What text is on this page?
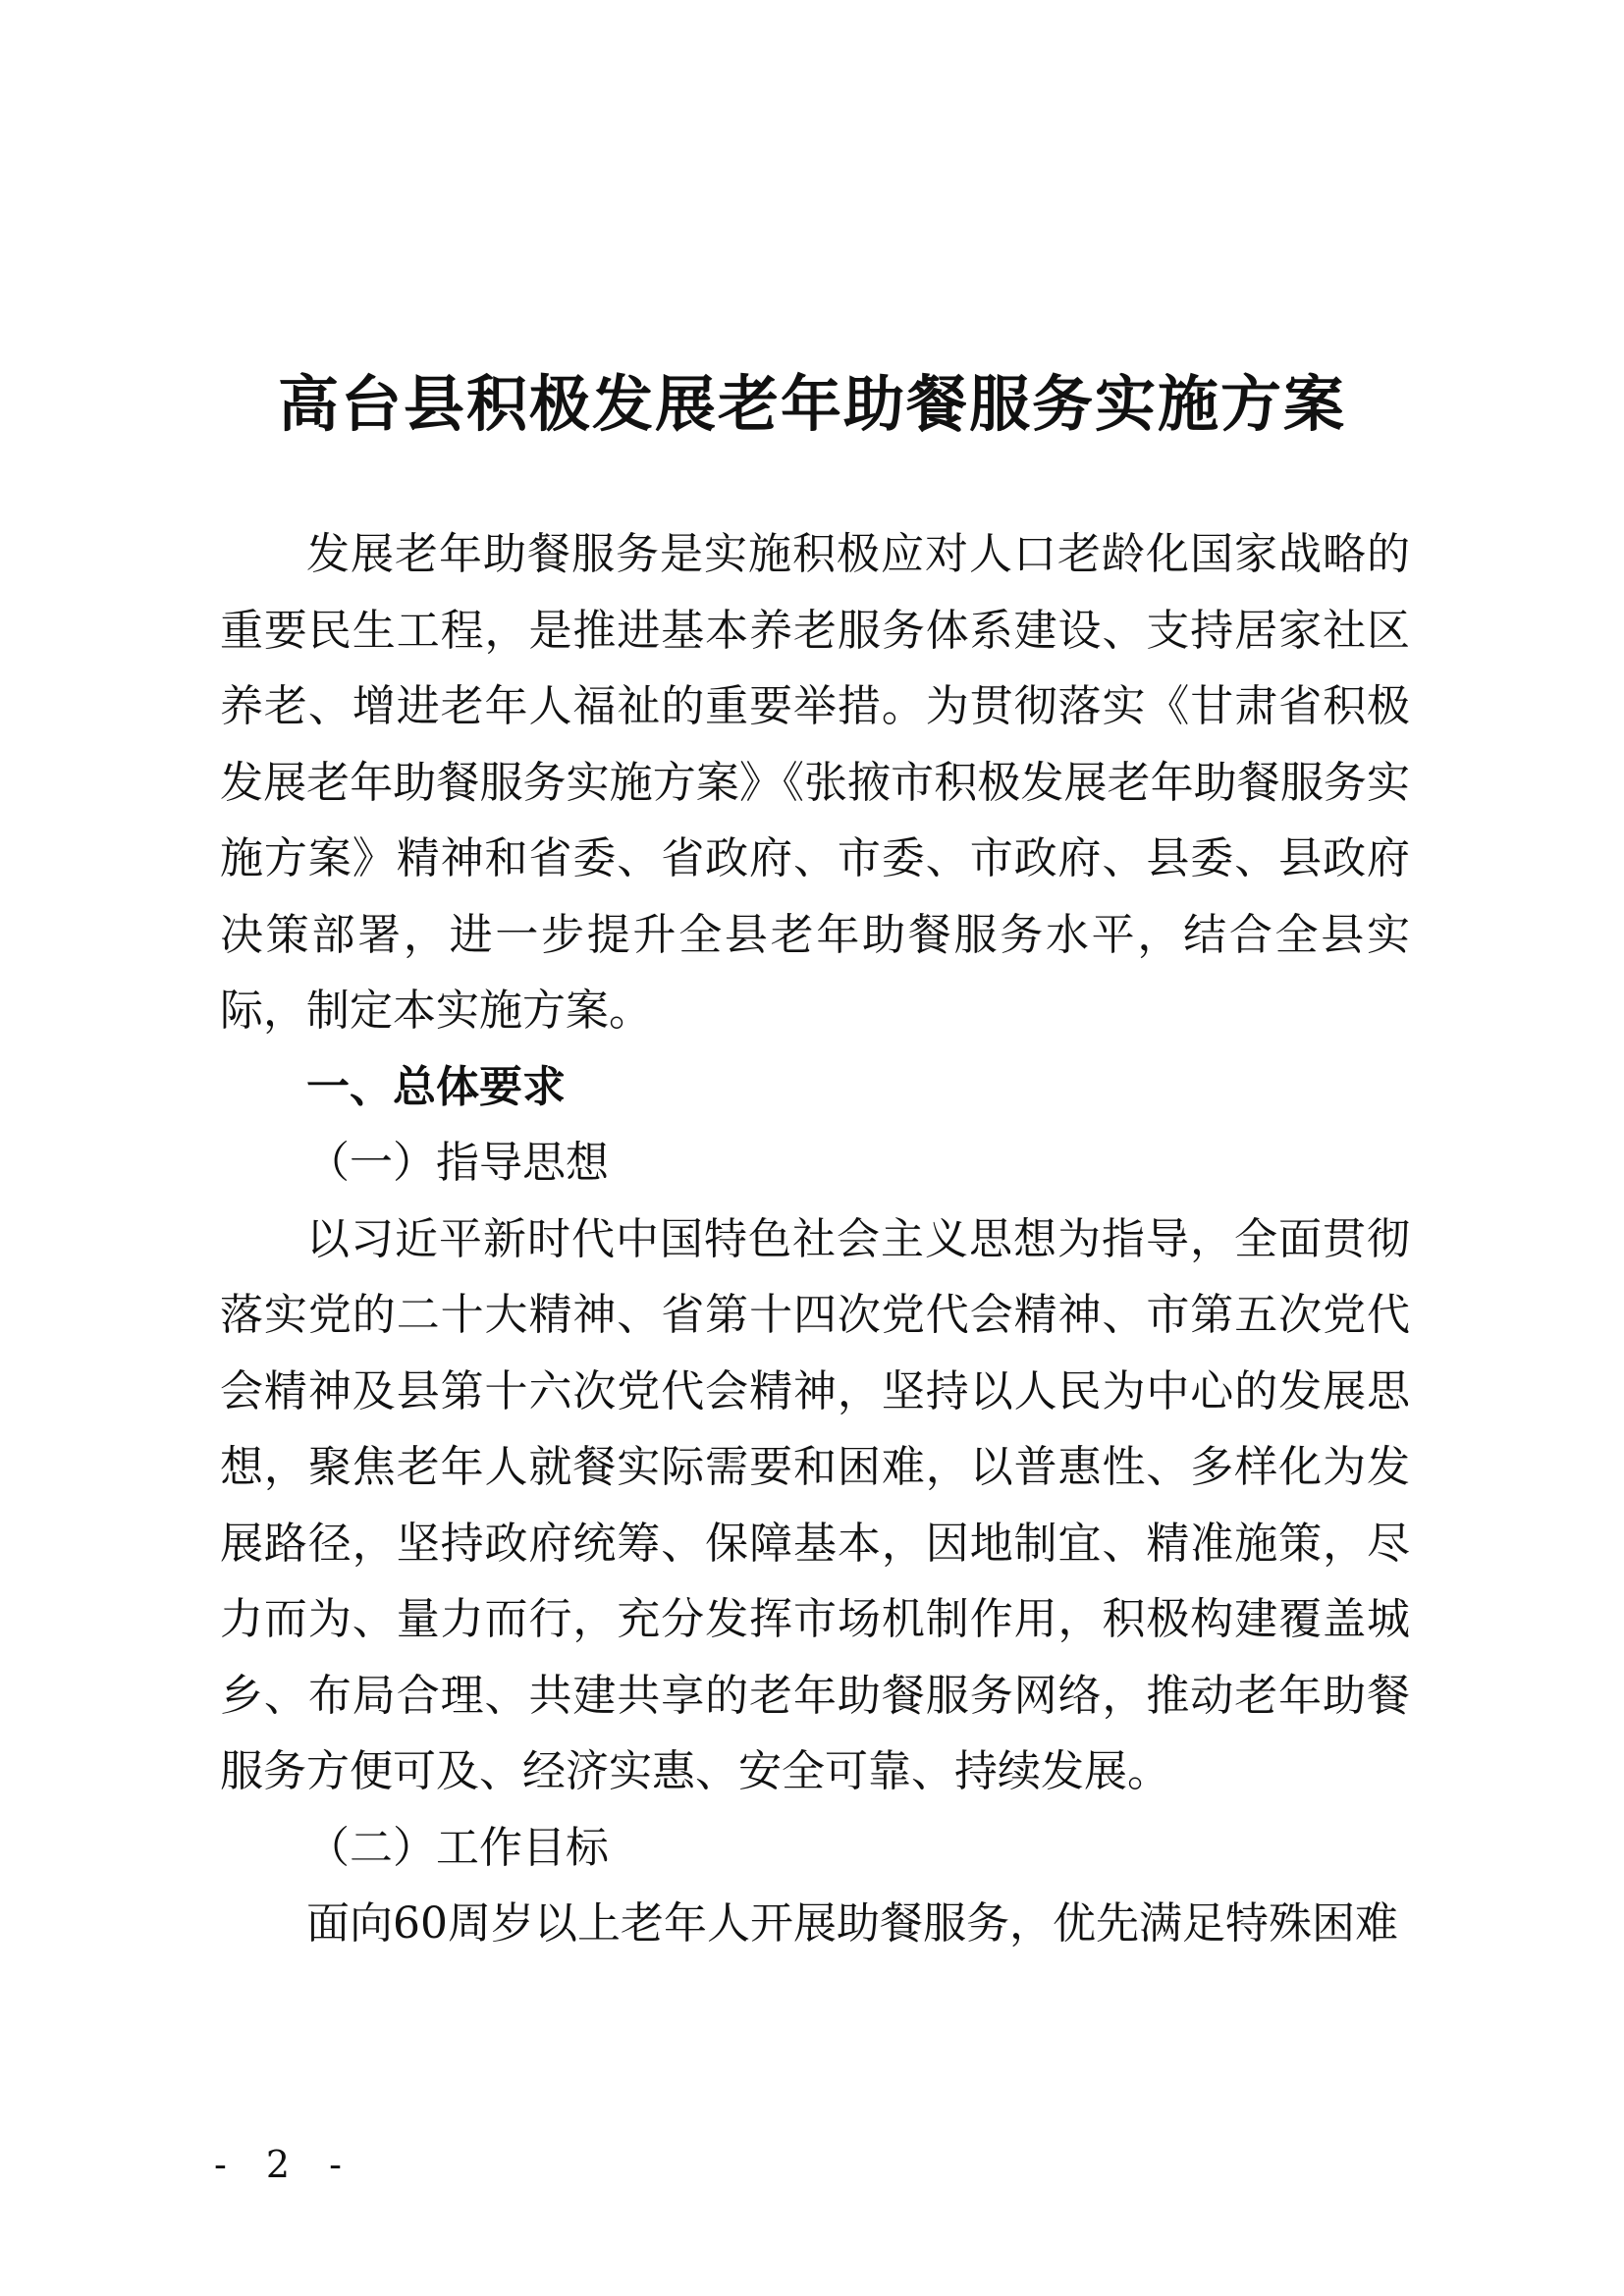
高台县积极发展老年助餐服务实施方案

发展老年助餐服务是实施积极应对人口老龄化国家战略的重要民生工程，是推进基本养老服务体系建设、支持居家社区养老、增进老年人福祉的重要举措。为贯彻落实《甘肃省积极发展老年助餐服务实施方案》《张掖市积极发展老年助餐服务实施方案》精神和省委、省政府、市委、市政府、县委、县政府决策部署，进一步提升全县老年助餐服务水平，结合全县实际，制定本实施方案。

一、总体要求

（一）指导思想

以习近平新时代中国特色社会主义思想为指导，全面贯彻落实党的二十大精神、省第十四次党代会精神、市第五次党代会精神及县第十六次党代会精神，坚持以人民为中心的发展思想，聚焦老年人就餐实际需要和困难，以普惠性、多样化为发展路径，坚持政府统筹、保障基本，因地制宜、精准施策，尽力而为、量力而行，充分发挥市场机制作用，积极构建覆盖城乡、布局合理、共建共享的老年助餐服务网络，推动老年助餐服务方便可及、经济实惠、安全可靠、持续发展。

（二）工作目标

面向60周岁以上老年人开展助餐服务，优先满足特殊困难

- 2 -
